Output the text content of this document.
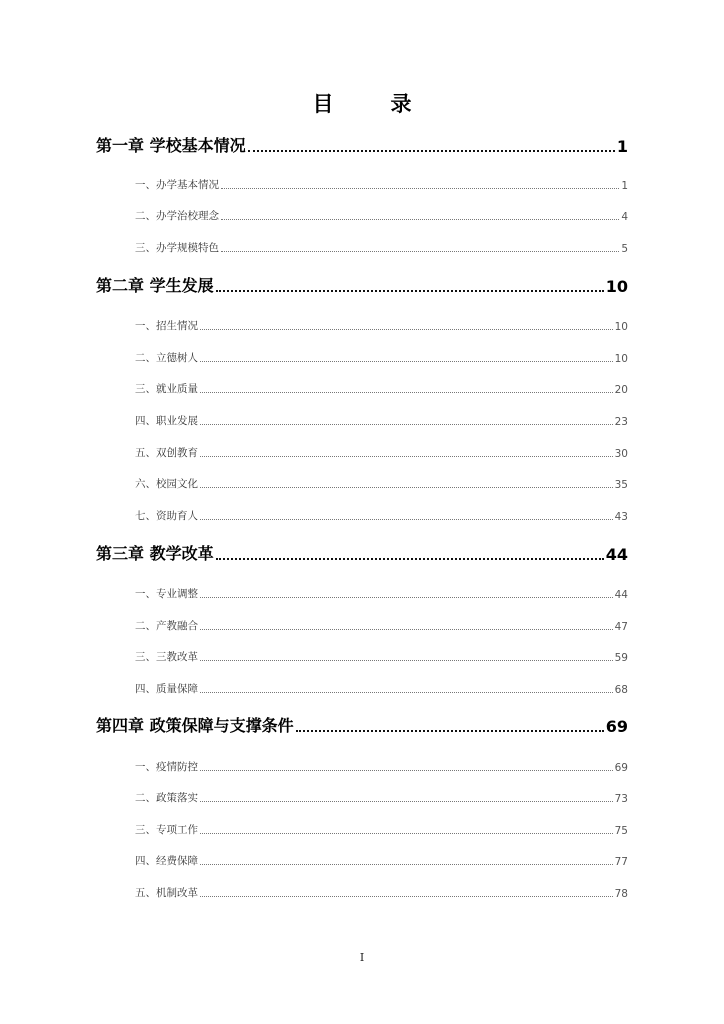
目　录
第一章 学校基本情况	1
一、办学基本情况	1
二、办学治校理念	4
三、办学规模特色	5
第二章 学生发展	10
一、招生情况	10
二、立德树人	10
三、就业质量	20
四、职业发展	23
五、双创教育	30
六、校园文化	35
七、资助育人	43
第三章 教学改革	44
一、专业调整	44
二、产教融合	47
三、三教改革	59
四、质量保障	68
第四章 政策保障与支撑条件	69
一、疫情防控	69
二、政策落实	73
三、专项工作	75
四、经费保障	77
五、机制改革	78
I
